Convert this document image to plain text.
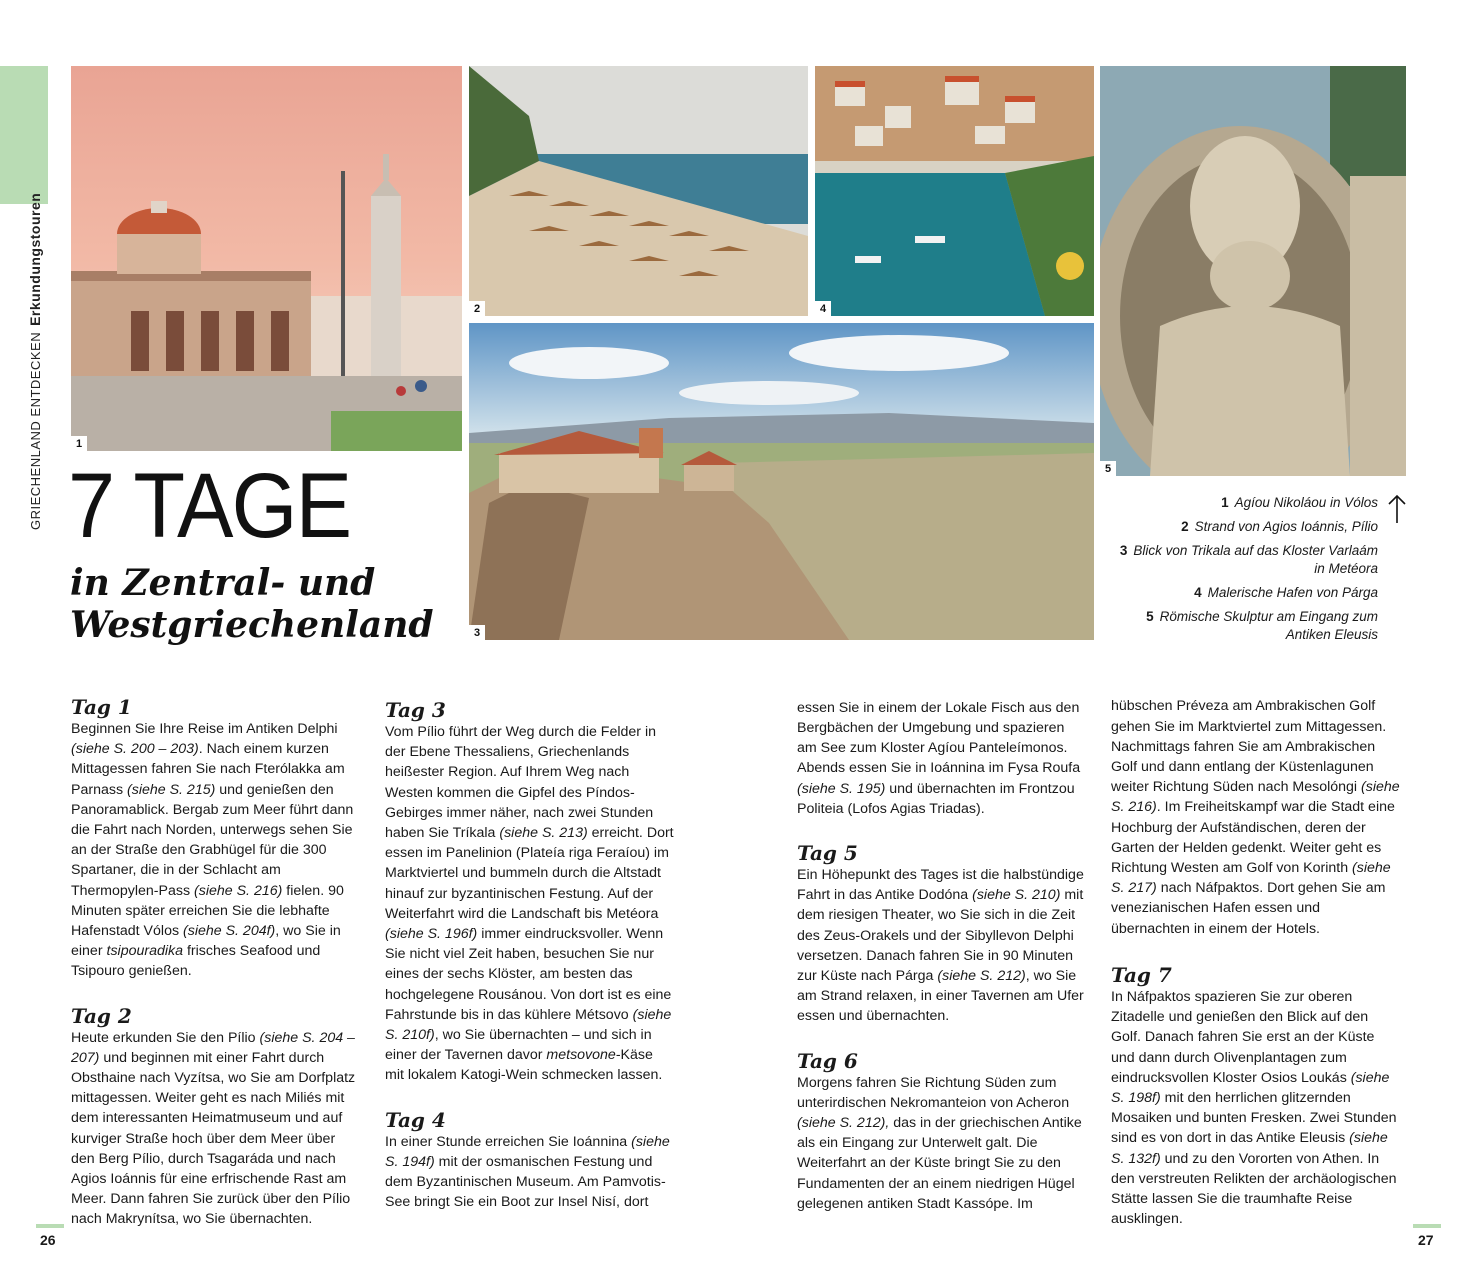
GRIECHENLAND ENTDECKENErkundungstouren
1
2	4
3
5
7 TAGE
in Zentral- und Westgriechenland
1 Agíou Nikoláou in Vólos
2 Strand von Agios Ioánnis, Pílio
3 Blick von Trikala auf das Kloster Varlaám in Metéora
4 Malerische Hafen von Párga
5 Römische Skulptur am Eingang zum Antiken Eleusis
Tag 1

Beginnen Sie Ihre Reise im Antiken Delphi (siehe S. 200 – 203). Nach einem kurzen Mittagessen fahren Sie nach Fterólakka am Parnass (siehe S. 215) und genießen den Panoramablick. Bergab zum Meer führt dann die Fahrt nach Norden, unterwegs sehen Sie an der Straße den Grabhügel für die 300 Spartaner, die in der Schlacht am Thermopylen-Pass (siehe S. 216) fielen. 90 Minuten später erreichen Sie die lebhafte Hafenstadt Vólos (siehe S. 204f), wo Sie in einer tsipouradika frisches Seafood und Tsipouro genießen.

Tag 2

Heute erkunden Sie den Pílio (siehe S. 204 – 207) und beginnen mit einer Fahrt durch Obsthaine nach Vyzítsa, wo Sie am Dorfplatz mittagessen. Weiter geht es nach Miliés mit dem interessanten Heimatmuseum und auf kurviger Straße hoch über dem Meer über den Berg Pílio, durch Tsagaráda und nach Agios Ioánnis für eine erfrischende Rast am Meer. Dann fahren Sie zurück über den Pílio nach Makrynítsa, wo Sie übernachten.

Tag 3

Vom Pílio führt der Weg durch die Felder in der Ebene Thessaliens, Griechenlands heißester Region. Auf Ihrem Weg nach Westen kommen die Gipfel des Píndos-Gebirges immer näher, nach zwei Stunden haben Sie Tríkala (siehe S. 213) erreicht. Dort essen im Panelinion (Plateía riga Feraíou) im Marktviertel und bummeln durch die Altstadt hinauf zur byzantinischen Festung. Auf der Weiterfahrt wird die Landschaft bis Metéora (siehe S. 196f) immer eindrucksvoller. Wenn Sie nicht viel Zeit haben, besuchen Sie nur eines der sechs Klöster, am besten das hochgelegene Rousánou. Von dort ist es eine Fahrstunde bis in das kühlere Métsovo (siehe S. 210f), wo Sie übernachten – und sich in einer der Tavernen davor metsovone-Käse mit lokalem Katogi-Wein schmecken lassen.

Tag 4

In einer Stunde erreichen Sie Ioánnina (siehe S. 194f) mit der osmanischen Festung und dem Byzantinischen Museum. Am Pamvotis-See bringt Sie ein Boot zur Insel Nisí, dort

essen Sie in einem der Lokale Fisch aus den Bergbächen der Umgebung und spazieren am See zum Kloster Agíou Panteleímonos. Abends essen Sie in Ioánnina im Fysa Roufa (siehe S. 195) und übernachten im Frontzou Politeia (Lofos Agias Triadas).

Tag 5

Ein Höhepunkt des Tages ist die halbstündige Fahrt in das Antike Dodóna (siehe S. 210) mit dem riesigen Theater, wo Sie sich in die Zeit des Zeus-Orakels und der Sibyllevon Delphi versetzen. Danach fahren Sie in 90 Minuten zur Küste nach Párga (siehe S. 212), wo Sie am Strand relaxen, in einer Tavernen am Ufer essen und übernachten.

Tag 6

Morgens fahren Sie Richtung Süden zum unterirdischen Nekromanteion von Acheron (siehe S. 212), das in der griechischen Antike als ein Eingang zur Unterwelt galt. Die Weiterfahrt an der Küste bringt Sie zu den Fundamenten der an einem niedrigen Hügel gelegenen antiken Stadt Kassópe. Im

hübschen Préveza am Ambrakischen Golf gehen Sie im Marktviertel zum Mittagessen. Nachmittags fahren Sie am Ambrakischen Golf und dann entlang der Küstenlagunen weiter Richtung Süden nach Mesolóngi (siehe S. 216). Im Freiheitskampf war die Stadt eine Hochburg der Aufständischen, deren der Garten der Helden gedenkt. Weiter geht es Richtung Westen am Golf von Korinth (siehe S. 217) nach Náfpaktos. Dort gehen Sie am venezianischen Hafen essen und übernachten in einem der Hotels.

Tag 7

In Náfpaktos spazieren Sie zur oberen Zitadelle und genießen den Blick auf den Golf. Danach fahren Sie erst an der Küste und dann durch Olivenplantagen zum eindrucksvollen Kloster Osios Loukás (siehe S. 198f) mit den herrlichen glitzernden Mosaiken und bunten Fresken. Zwei Stunden sind es von dort in das Antike Eleusis (siehe S. 132f) und zu den Vororten von Athen. In den verstreuten Relikten der archäologischen Stätte lassen Sie die traumhafte Reise ausklingen.

26	27
